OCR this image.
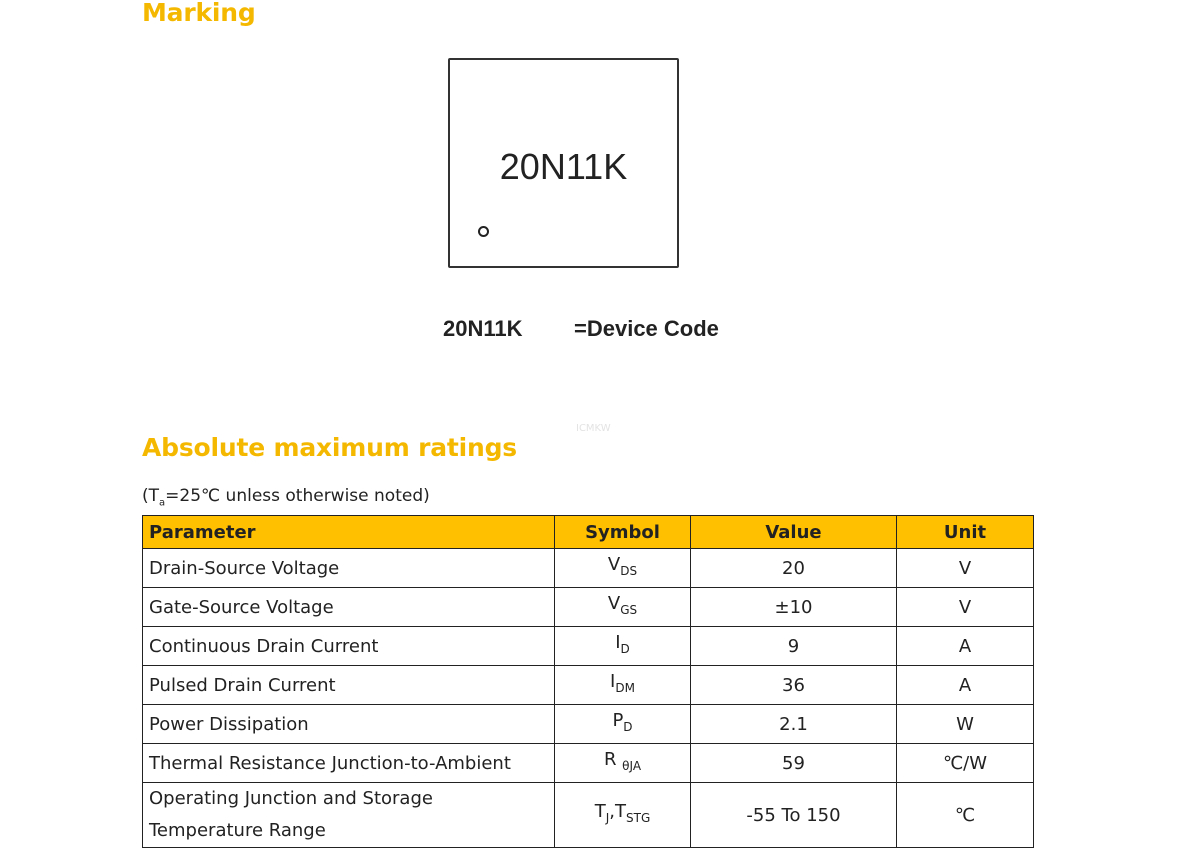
Marking
20N11K
20N11K =Device Code
ICMKW
Absolute maximum ratings
($T_a=25℃$ unless otherwise noted)
Parameter	Symbol	Value	Unit
Drain-Source Voltage	$V_{DS}$	20	V
Gate-Source Voltage	$V_{GS}$	±10	V
Continuous Drain Current	$I_D$	9	A
Pulsed Drain Current	$I_{DM}$	36	A
Power Dissipation	$P_D$	2.1	W
Thermal Resistance Junction-to-Ambient	R $_{\theta JA}$	59	℃/W
Operating Junction and Storage Temperature Range	$T_J,T_{STG}$	-55 To 150	℃
